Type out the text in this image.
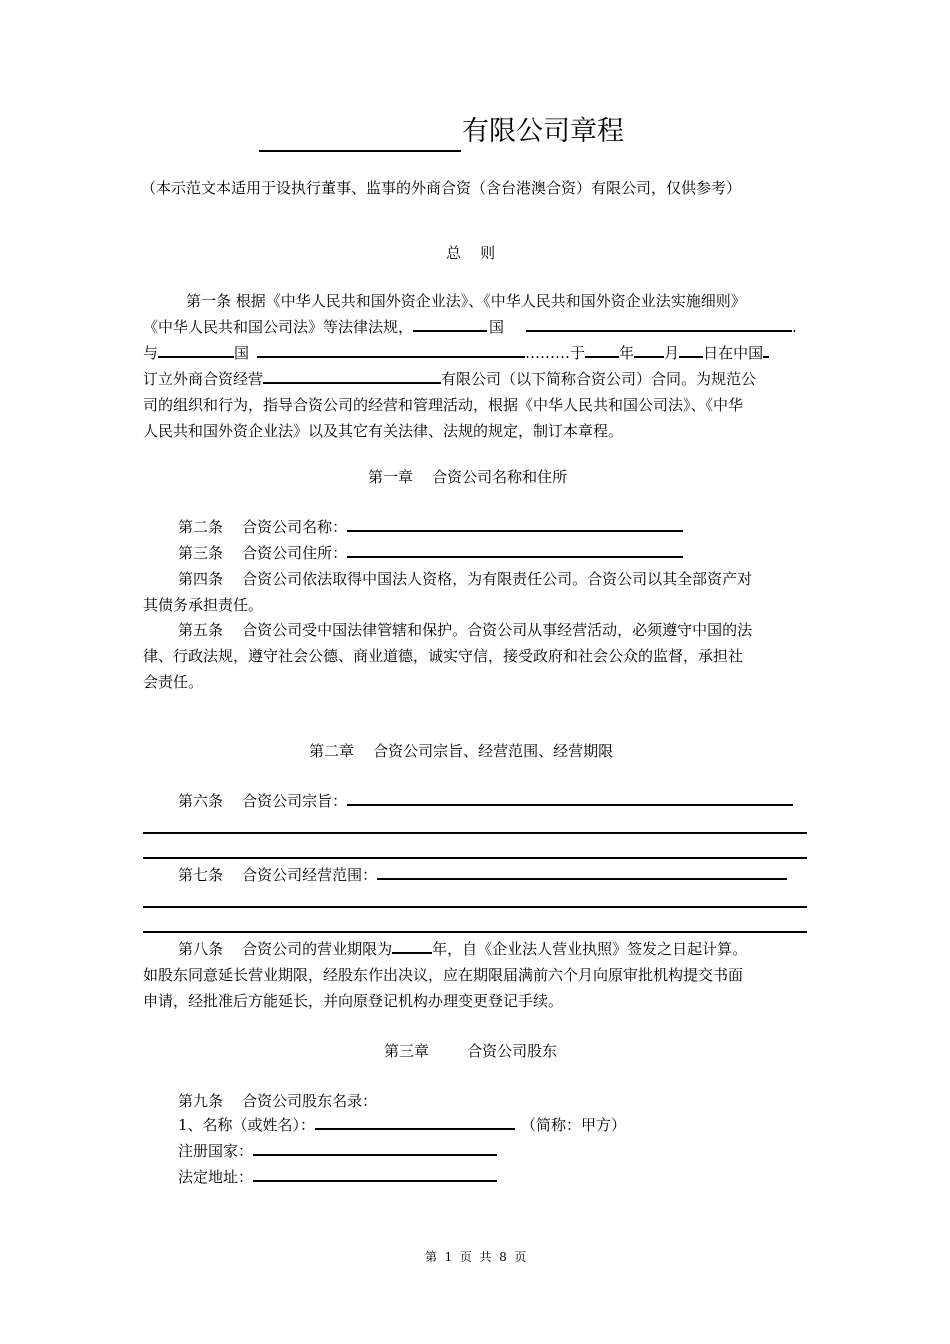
有限公司章程
（本示范文本适用于设执行董事、监事的外商合资（含台港澳合资）有限公司，仅供参考）
总    则
第一条 根据《中华人民共和国外资企业法》、《中华人民共和国外资企业法实施细则》
《中华人民共和国公司法》等法律法规，	国	.
与	国	………于 年 月 日在中国
订立外商合资经营	有限公司（以下简称合资公司）合同。为规范公
司的组织和行为，指导合资公司的经营和管理活动，根据《中华人民共和国公司法》、《中华
人民共和国外资企业法》以及其它有关法律、法规的规定，制订本章程。
第一章    合资公司名称和住所
第二条    合资公司名称：
第三条    合资公司住所：
第四条    合资公司依法取得中国法人资格，为有限责任公司。合资公司以其全部资产对
其债务承担责任。
第五条    合资公司受中国法律管辖和保护。合资公司从事经营活动，必须遵守中国的法
律、行政法规，遵守社会公德、商业道德，诚实守信，接受政府和社会公众的监督，承担社
会责任。
第二章    合资公司宗旨、经营范围、经营期限
第六条    合资公司宗旨：
第七条    合资公司经营范围：
第八条    合资公司的营业期限为	年，自《企业法人营业执照》签发之日起计算。
如股东同意延长营业期限，经股东作出决议，应在期限届满前六个月向原审批机构提交书面
申请，经批准后方能延长，并向原登记机构办理变更登记手续。
第三章        合资公司股东
第九条    合资公司股东名录：
1、名称（或姓名）：	（简称：甲方）
注册国家：
法定地址：
第  1  页  共  8  页
